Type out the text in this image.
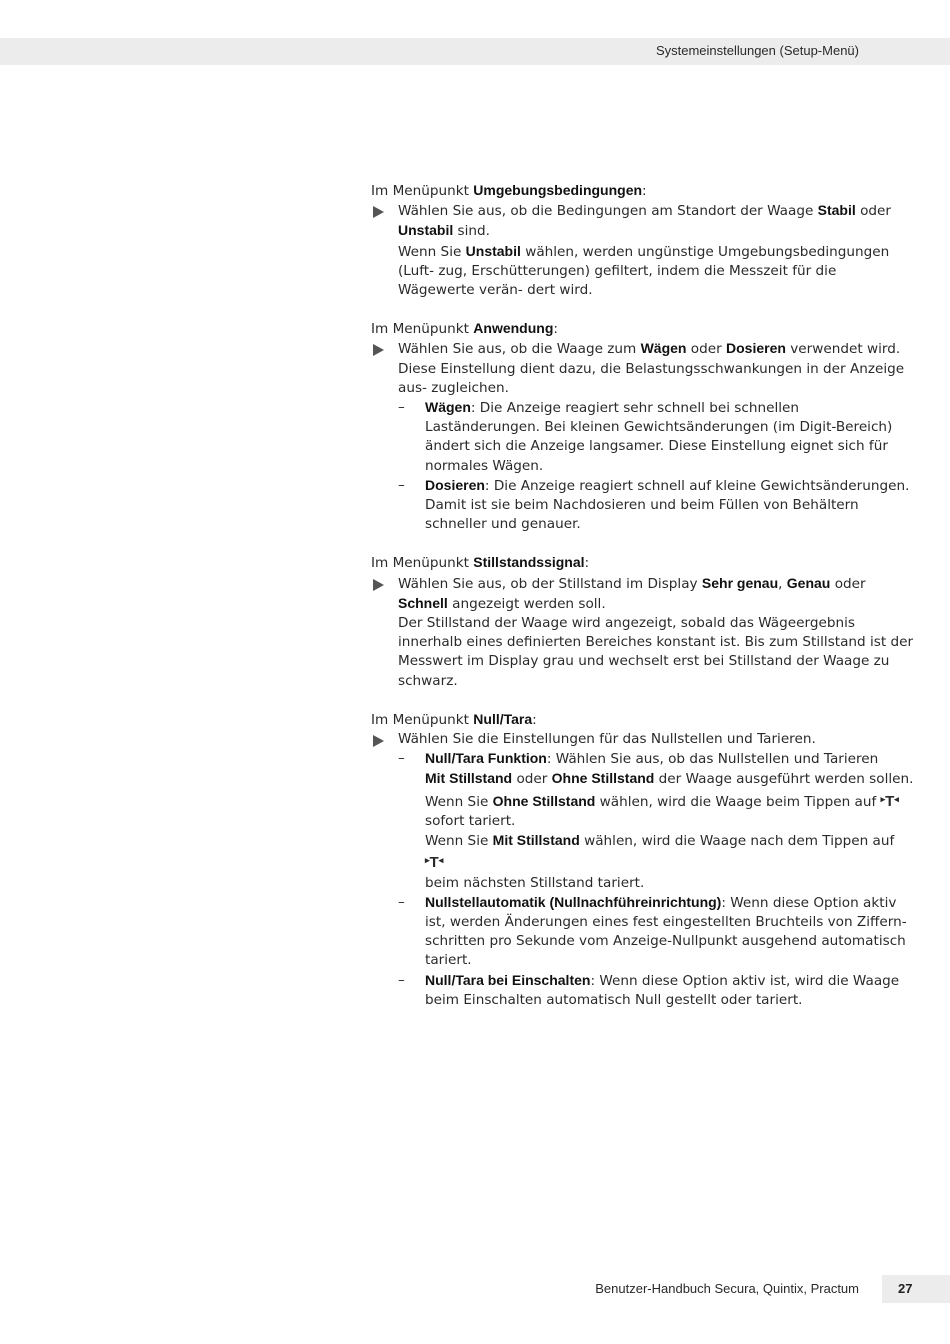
Systemeinstellungen (Setup-Menü)

Im Menüpunkt Umgebungsbedingungen:

Wählen Sie aus, ob die Bedingungen am Standort der Waage Stabil oder Unstabil sind.

Wenn Sie Unstabil wählen, werden ungünstige Umgebungsbedingungen (Luft- zug, Erschütterungen) gefiltert, indem die Messzeit für die Wägewerte verän- dert wird.

Im Menüpunkt Anwendung:

Wählen Sie aus, ob die Waage zum Wägen oder Dosieren verwendet wird.

Diese Einstellung dient dazu, die Belastungsschwankungen in der Anzeige aus- zugleichen.

– Wägen: Die Anzeige reagiert sehr schnell bei schnellen Laständerungen. Bei kleinen Gewichtsänderungen (im Digit-Bereich) ändert sich die Anzeige langsamer. Diese Einstellung eignet sich für normales Wägen.
– Dosieren: Die Anzeige reagiert schnell auf kleine Gewichtsänderungen. Damit ist sie beim Nachdosieren und beim Füllen von Behältern schneller und genauer.

Im Menüpunkt Stillstandssignal:

Wählen Sie aus, ob der Stillstand im Display Sehr genau, Genau oder Schnell angezeigt werden soll.

Der Stillstand der Waage wird angezeigt, sobald das Wägeergebnis innerhalb eines definierten Bereiches konstant ist. Bis zum Stillstand ist der Messwert im Display grau und wechselt erst bei Stillstand der Waage zu schwarz.

Im Menüpunkt Null/Tara:

Wählen Sie die Einstellungen für das Nullstellen und Tarieren.
– Null/Tara Funktion: Wählen Sie aus, ob das Nullstellen und Tarieren
Mit Stillstand oder Ohne Stillstand der Waage ausgeführt werden sollen.
Wenn Sie Ohne Stillstand wählen, wird die Waage beim Tippen auf ▸T◂
sofort tariert.
Wenn Sie Mit Stillstand wählen, wird die Waage nach dem Tippen auf ▸T◂
beim nächsten Stillstand tariert.
– Nullstellautomatik (Nullnachführeinrichtung): Wenn diese Option aktiv ist, werden Änderungen eines fest eingestellten Bruchteils von Ziffern- schritten pro Sekunde vom Anzeige-Nullpunkt ausgehend automatisch tariert.
– Null/Tara bei Einschalten: Wenn diese Option aktiv ist, wird die Waage beim Einschalten automatisch Null gestellt oder tariert.
Benutzer-Handbuch Secura, Quintix, Practum	27
